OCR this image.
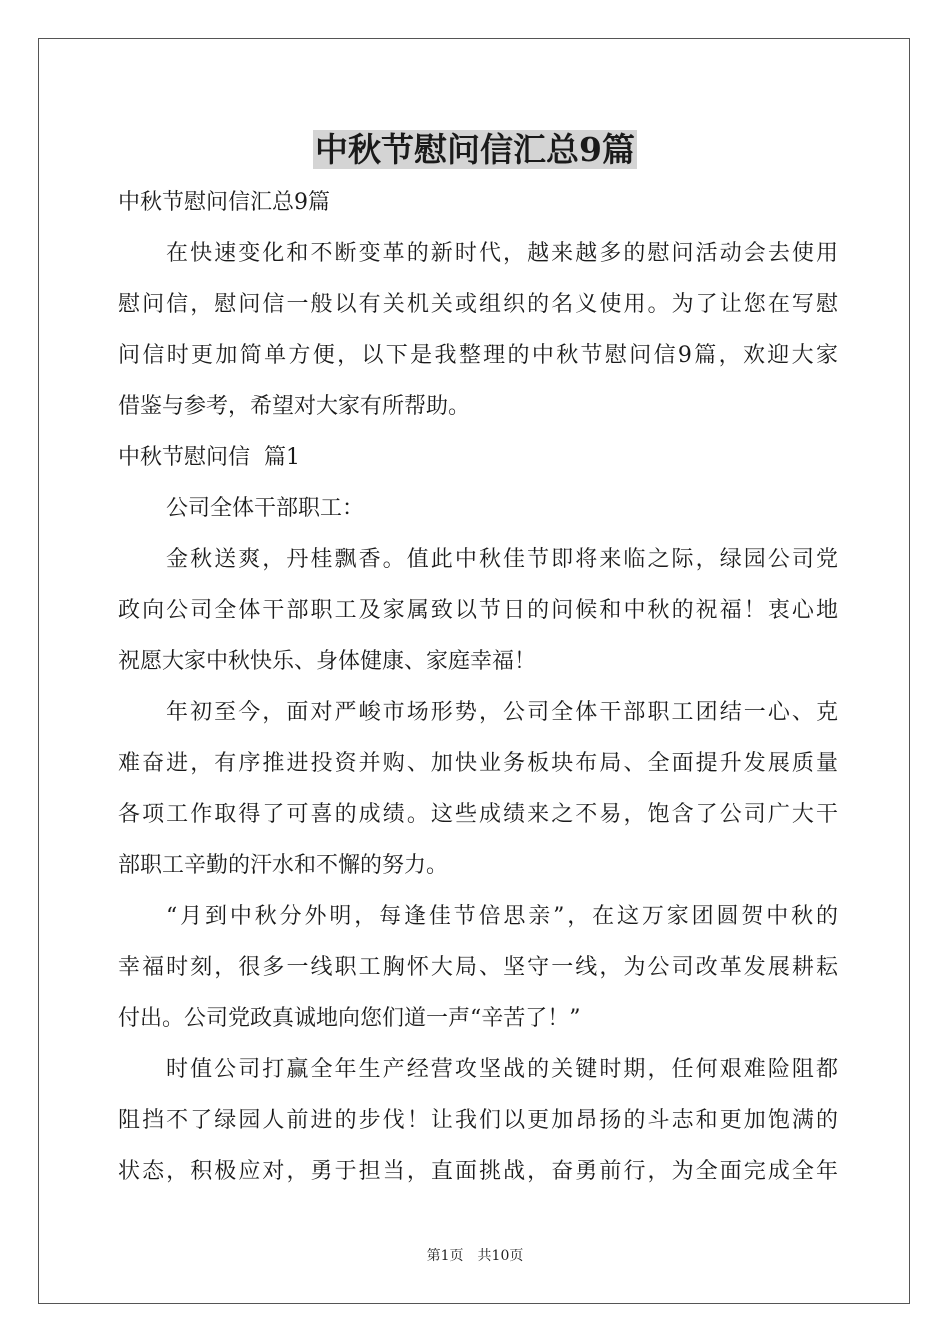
中秋节慰问信汇总9篇

中秋节慰问信汇总9篇

在快速变化和不断变革的新时代，越来越多的慰问活动会去使用

慰问信，慰问信一般以有关机关或组织的名义使用。为了让您在写慰

问信时更加简单方便，以下是我整理的中秋节慰问信9篇，欢迎大家

借鉴与参考，希望对大家有所帮助。

中秋节慰问信  篇1

公司全体干部职工：

金秋送爽，丹桂飘香。值此中秋佳节即将来临之际，绿园公司党

政向公司全体干部职工及家属致以节日的问候和中秋的祝福！衷心地

祝愿大家中秋快乐、身体健康、家庭幸福！

年初至今，面对严峻市场形势，公司全体干部职工团结一心、克

难奋进，有序推进投资并购、加快业务板块布局、全面提升发展质量

各项工作取得了可喜的成绩。这些成绩来之不易，饱含了公司广大干

部职工辛勤的汗水和不懈的努力。

“月到中秋分外明，每逢佳节倍思亲”，在这万家团圆贺中秋的

幸福时刻，很多一线职工胸怀大局、坚守一线，为公司改革发展耕耘

付出。公司党政真诚地向您们道一声“辛苦了！”

时值公司打赢全年生产经营攻坚战的关键时期，任何艰难险阻都

阻挡不了绿园人前进的步伐！让我们以更加昂扬的斗志和更加饱满的

状态，积极应对，勇于担当，直面挑战，奋勇前行，为全面完成全年

第1页 共10页
